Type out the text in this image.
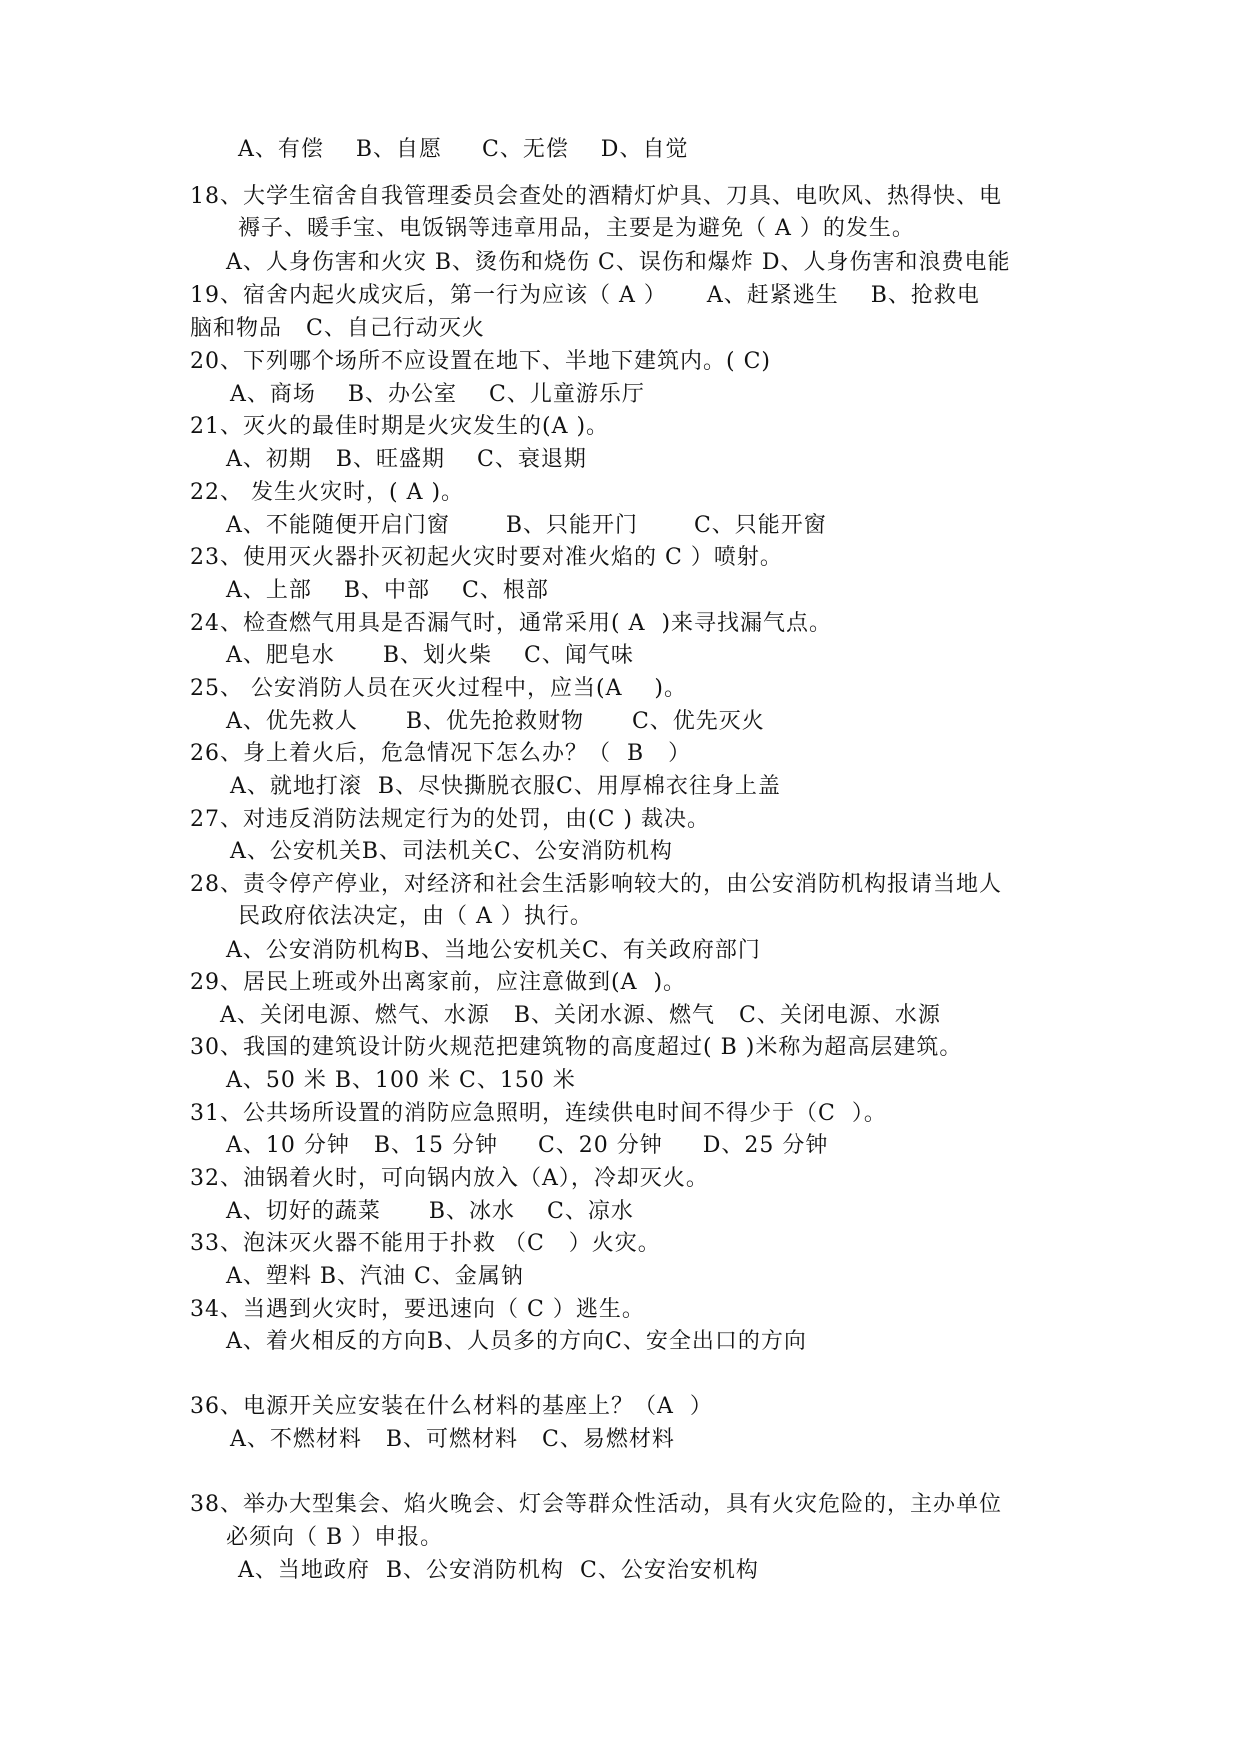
A、有偿    B、自愿     C、无偿    D、自觉
18、大学生宿舍自我管理委员会查处的酒精灯炉具、刀具、电吹风、热得快、电
褥子、暖手宝、电饭锅等违章用品，主要是为避免（ A ）的发生。
A、人身伤害和火灾 B、烫伤和烧伤 C、误伤和爆炸 D、人身伤害和浪费电能
19、宿舍内起火成灾后，第一行为应该（ A ）     A、赶紧逃生    B、抢救电
脑和物品   C、自己行动灭火
20、下列哪个场所不应设置在地下、半地下建筑内。( C)
A、商场    B、办公室    C、儿童游乐厅
21、灭火的最佳时期是火灾发生的(A )。
A、初期   B、旺盛期    C、衰退期
22、 发生火灾时，( A )。
A、不能随便开启门窗       B、只能开门       C、只能开窗
23、使用灭火器扑灭初起火灾时要对准火焰的 C ）喷射。
A、上部    B、中部    C、根部
24、检查燃气用具是否漏气时，通常采用( A  )来寻找漏气点。
A、肥皂水      B、划火柴    C、闻气味
25、 公安消防人员在灭火过程中，应当(A    )。
A、优先救人      B、优先抢救财物      C、优先灭火
26、身上着火后，危急情况下怎么办？（  B   ）
A、就地打滚  B、尽快撕脱衣服C、用厚棉衣往身上盖
27、对违反消防法规定行为的处罚，由(C ) 裁决。
A、公安机关B、司法机关C、公安消防机构
28、责令停产停业，对经济和社会生活影响较大的，由公安消防机构报请当地人
民政府依法决定，由（ A ）执行。
A、公安消防机构B、当地公安机关C、有关政府部门
29、居民上班或外出离家前，应注意做到(A  )。
A、关闭电源、燃气、水源   B、关闭水源、燃气   C、关闭电源、水源
30、我国的建筑设计防火规范把建筑物的高度超过( B )米称为超高层建筑。
A、50 米 B、100 米 C、150 米
31、公共场所设置的消防应急照明，连续供电时间不得少于（C  ）。
A、10 分钟   B、15 分钟     C、20 分钟     D、25 分钟
32、油锅着火时，可向锅内放入（A），冷却灭火。
A、切好的蔬菜      B、冰水    C、凉水
33、泡沫灭火器不能用于扑救 （C   ）火灾。
A、塑料 B、汽油 C、金属钠
34、当遇到火灾时，要迅速向（ C ）逃生。
A、着火相反的方向B、人员多的方向C、安全出口的方向
36、电源开关应安装在什么材料的基座上？（A  ）
A、不燃材料   B、可燃材料   C、易燃材料
38、举办大型集会、焰火晚会、灯会等群众性活动，具有火灾危险的，主办单位
必须向（ B ）申报。
A、当地政府  B、公安消防机构  C、公安治安机构
